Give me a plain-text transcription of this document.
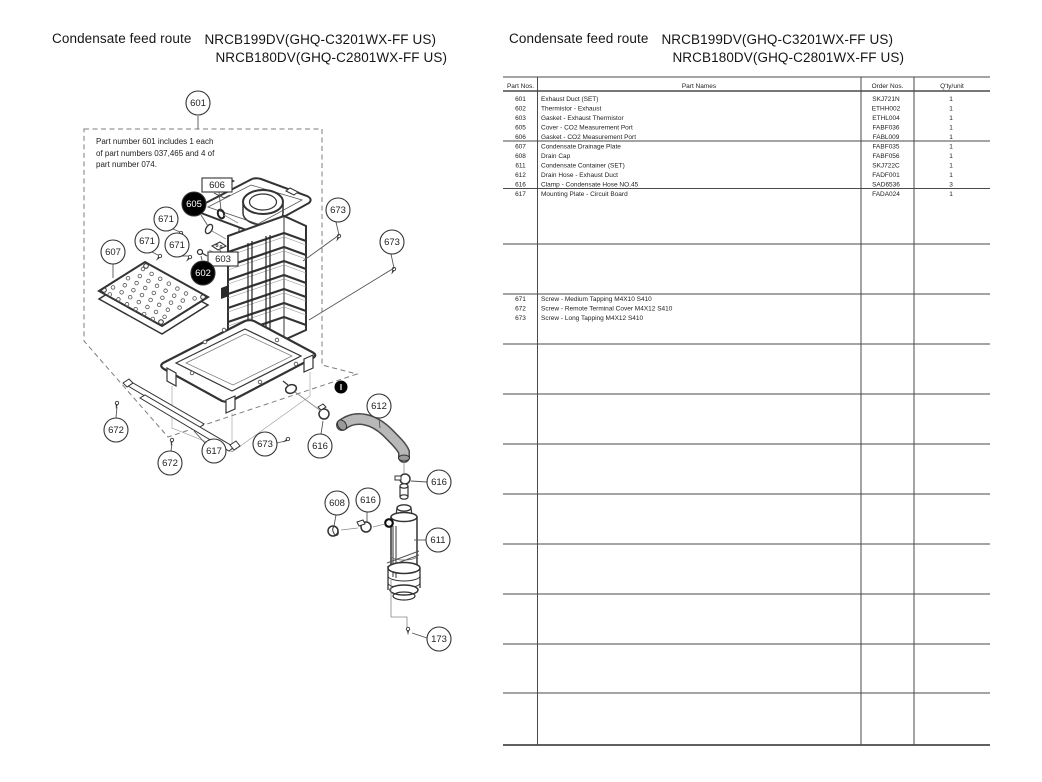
Condensate feed route NRCB199DV(GHQ-C3201WX-FF US)
NRCB180DV(GHQ-C2801WX-FF US)
Condensate feed route NRCB199DV(GHQ-C3201WX-FF US)
NRCB180DV(GHQ-C2801WX-FF US)
Part number 601 includes 1 each
of part numbers 037,465 and 4 of
part number 074.
601
606
605
671
671 671
607
603
602
673
673
672
672
617
673	616
612
616
616
608
611
173
I
Part Nos.	Part Names	Order Nos.	Q'ty/unit
601 Exhaust Duct (SET)	SKJ721N	1
602 Thermistor - Exhaust	ETHH002	1
603 Gasket - Exhaust Thermistor	ETHL004	1
605 Cover - CO2 Measurement Port	FABF036	1
606 Gasket - CO2 Measurement Port	FABL009	1
607 Condensate Drainage Plate	FABF035	1
608 Drain Cap	FABF056	1
611 Condensate Container (SET)	SKJ722C	1
612 Drain Hose - Exhaust Duct	FADF001	1
616 Clamp - Condensate Hose NO.45	SAD6536	3
617 Mounting Plate - Circuit Board	FADA024	1
671 Screw - Medium Tapping M4X10 S410
672 Screw - Remote Terminal Cover M4X12 S410
673 Screw - Long Tapping M4X12 S410
